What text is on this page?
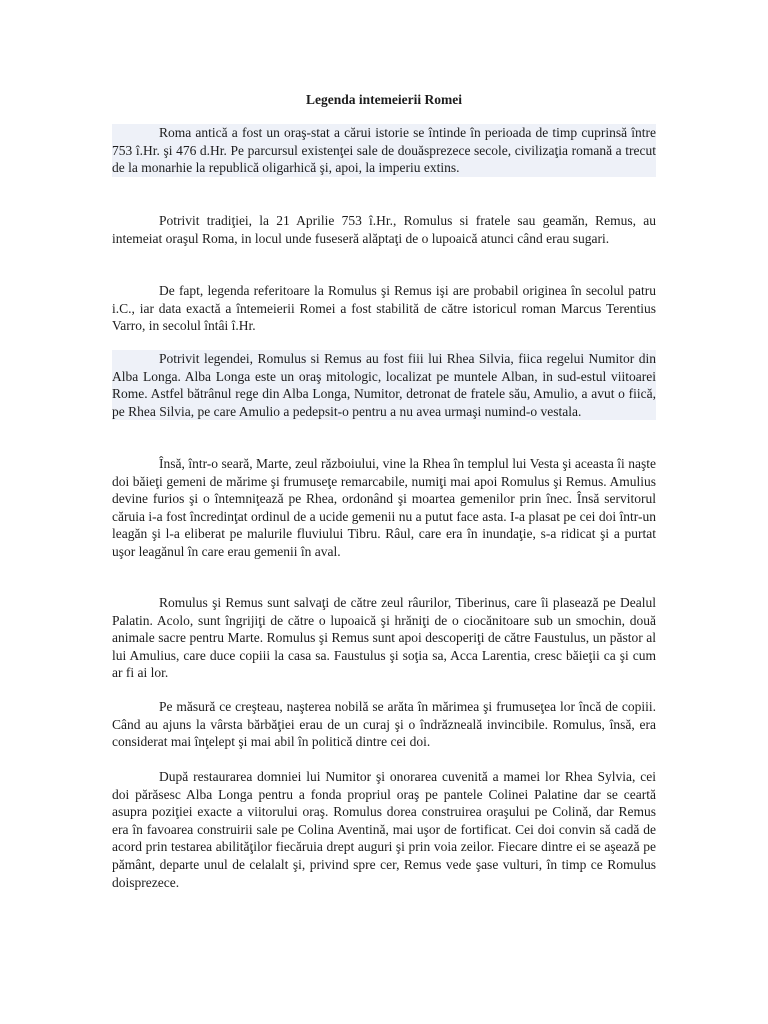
Legenda intemeierii Romei

Roma antică a fost un oraş-stat a cărui istorie se întinde în perioada de timp cuprinsă între 753 î.Hr. şi 476 d.Hr. Pe parcursul existenţei sale de douăsprezece secole, civilizaţia romană a trecut de la monarhie la republică oligarhică şi, apoi, la imperiu extins.

Potrivit tradiţiei, la 21 Aprilie 753 î.Hr., Romulus si fratele sau geamăn, Remus, au intemeiat oraşul Roma, in locul unde fuseseră alăptaţi de o lupoaică atunci când erau sugari.

De fapt, legenda referitoare la Romulus şi Remus işi are probabil originea în secolul patru i.C., iar data exactă a întemeierii Romei a fost stabilită de către istoricul roman Marcus Terentius Varro, in secolul întâi î.Hr.

Potrivit legendei, Romulus si Remus au fost fiii lui Rhea Silvia, fiica regelui Numitor din Alba Longa. Alba Longa este un oraş mitologic, localizat pe muntele Alban, in sud-estul viitoarei Rome. Astfel bătrânul rege din Alba Longa, Numitor, detronat de fratele său, Amulio, a avut o fiică, pe Rhea Silvia, pe care Amulio a pedepsit-o pentru a nu avea urmaşi numind-o vestala.

Însă, într-o seară, Marte, zeul războiului, vine la Rhea în templul lui Vesta şi aceasta îi naşte doi băieţi gemeni de mărime şi frumuseţe remarcabile, numiţi mai apoi Romulus şi Remus. Amulius devine furios şi o întemniţează pe Rhea, ordonând şi moartea gemenilor prin înec. Însă servitorul căruia i-a fost încredinţat ordinul de a ucide gemenii nu a putut face asta. I-a plasat pe cei doi într-un leagăn şi l-a eliberat pe malurile fluviului Tibru. Râul, care era în inundaţie, s-a ridicat şi a purtat uşor leagănul în care erau gemenii în aval.

Romulus şi Remus sunt salvaţi de către zeul râurilor, Tiberinus, care îi plasează pe Dealul Palatin. Acolo, sunt îngrijiţi de către o lupoaică şi hrăniţi de o ciocănitoare sub un smochin, două animale sacre pentru Marte. Romulus şi Remus sunt apoi descoperiţi de către Faustulus, un păstor al lui Amulius, care duce copiii la casa sa. Faustulus şi soţia sa, Acca Larentia, cresc băieţii ca şi cum ar fi ai lor.

Pe măsură ce creşteau, naşterea nobilă se arăta în mărimea şi frumuseţea lor încă de copiii. Când au ajuns la vârsta bărbăţiei erau de un curaj şi o îndrăzneală invincibile. Romulus, însă, era considerat mai înţelept şi mai abil în politică dintre cei doi.

După restaurarea domniei lui Numitor şi onorarea cuvenită a mamei lor Rhea Sylvia, cei doi părăsesc Alba Longa pentru a fonda propriul oraş pe pantele Colinei Palatine dar se ceartă asupra poziţiei exacte a viitorului oraş. Romulus dorea construirea oraşului pe Colină, dar Remus era în favoarea construirii sale pe Colina Aventină, mai uşor de fortificat. Cei doi convin să cadă de acord prin testarea abilităţilor fiecăruia drept auguri şi prin voia zeilor. Fiecare dintre ei se aşează pe pământ, departe unul de celalalt şi, privind spre cer, Remus vede şase vulturi, în timp ce Romulus doisprezece.
